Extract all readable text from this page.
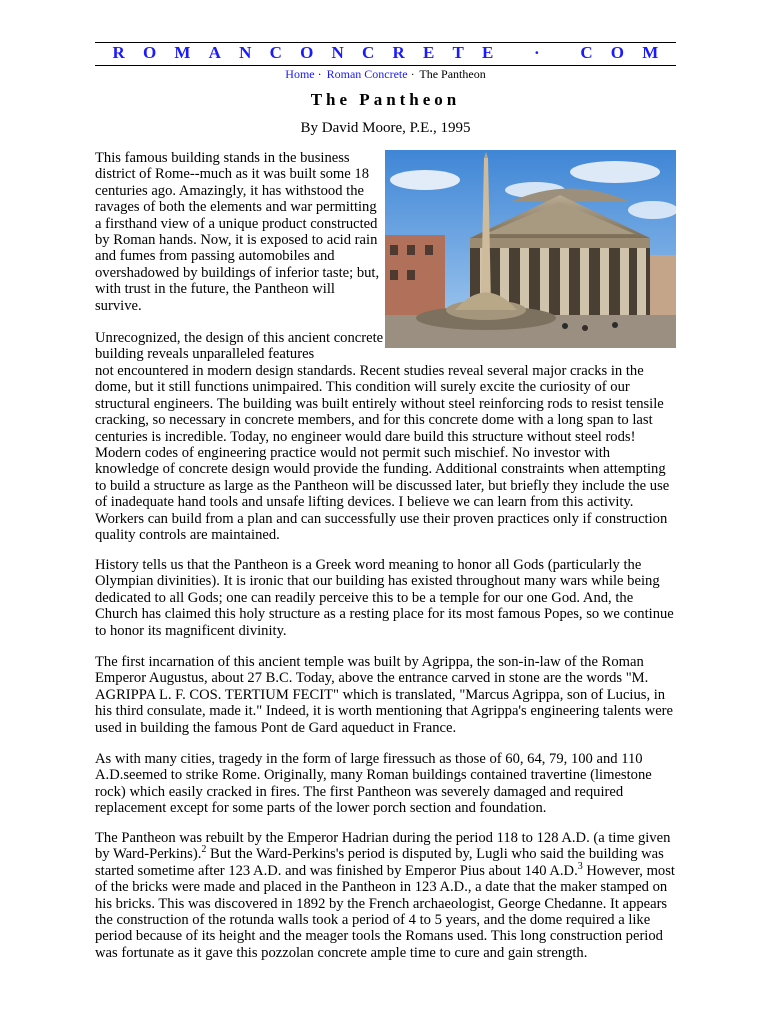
ROMANCONCRETE · COM
Home · Roman Concrete · The Pantheon
The Pantheon
By David Moore, P.E., 1995

This famous building stands in the business district of Rome--much as it was built some 18 centuries ago. Amazingly, it has withstood the ravages of both the elements and war permitting a firsthand view of a unique product constructed by Roman hands. Now, it is exposed to acid rain and fumes from passing automobiles and overshadowed by buildings of inferior taste; but, with trust in the future, the Pantheon will survive.

Unrecognized, the design of this ancient concrete building reveals unparalleled features

not encountered in modern design standards. Recent studies reveal several major cracks in the dome, but it still functions unimpaired. This condition will surely excite the curiosity of our structural engineers. The building was built entirely without steel reinforcing rods to resist tensile cracking, so necessary in concrete members, and for this concrete dome with a long span to last centuries is incredible. Today, no engineer would dare build this structure without steel rods! Modern codes of engineering practice would not permit such mischief. No investor with knowledge of concrete design would provide the funding. Additional constraints when attempting to build a structure as large as the Pantheon will be discussed later, but briefly they include the use of inadequate hand tools and unsafe lifting devices. I believe we can learn from this activity. Workers can build from a plan and can successfully use their proven practices only if construction quality controls are maintained.

History tells us that the Pantheon is a Greek word meaning to honor all Gods (particularly the Olympian divinities). It is ironic that our building has existed throughout many wars while being dedicated to all Gods; one can readily perceive this to be a temple for our one God. And, the Church has claimed this holy structure as a resting place for its most famous Popes, so we continue to honor its magnificent divinity.

The first incarnation of this ancient temple was built by Agrippa, the son-in-law of the Roman Emperor Augustus, about 27 B.C. Today, above the entrance carved in stone are the words "M. AGRIPPA L. F. COS. TERTIUM FECIT" which is translated, "Marcus Agrippa, son of Lucius, in his third consulate, made it." Indeed, it is worth mentioning that Agrippa's engineering talents were used in building the famous Pont de Gard aqueduct in France.

As with many cities, tragedy in the form of large firessuch as those of 60, 64, 79, 100 and 110 A.D.seemed to strike Rome. Originally, many Roman buildings contained travertine (limestone rock) which easily cracked in fires. The first Pantheon was severely damaged and required replacement except for some parts of the lower porch section and foundation.

The Pantheon was rebuilt by the Emperor Hadrian during the period 118 to 128 A.D. (a time given by Ward-Perkins).$^2$ But the Ward-Perkins's period is disputed by, Lugli who said the building was started sometime after 123 A.D. and was finished by Emperor Pius about 140 A.D.$^3$ However, most of the bricks were made and placed in the Pantheon in 123 A.D., a date that the maker stamped on his bricks. This was discovered in 1892 by the French archaeologist, George Chedanne. It appears the construction of the rotunda walls took a period of 4 to 5 years, and the dome required a like period because of its height and the meager tools the Romans used. This long construction period was fortunate as it gave this pozzolan concrete ample time to cure and gain strength.
